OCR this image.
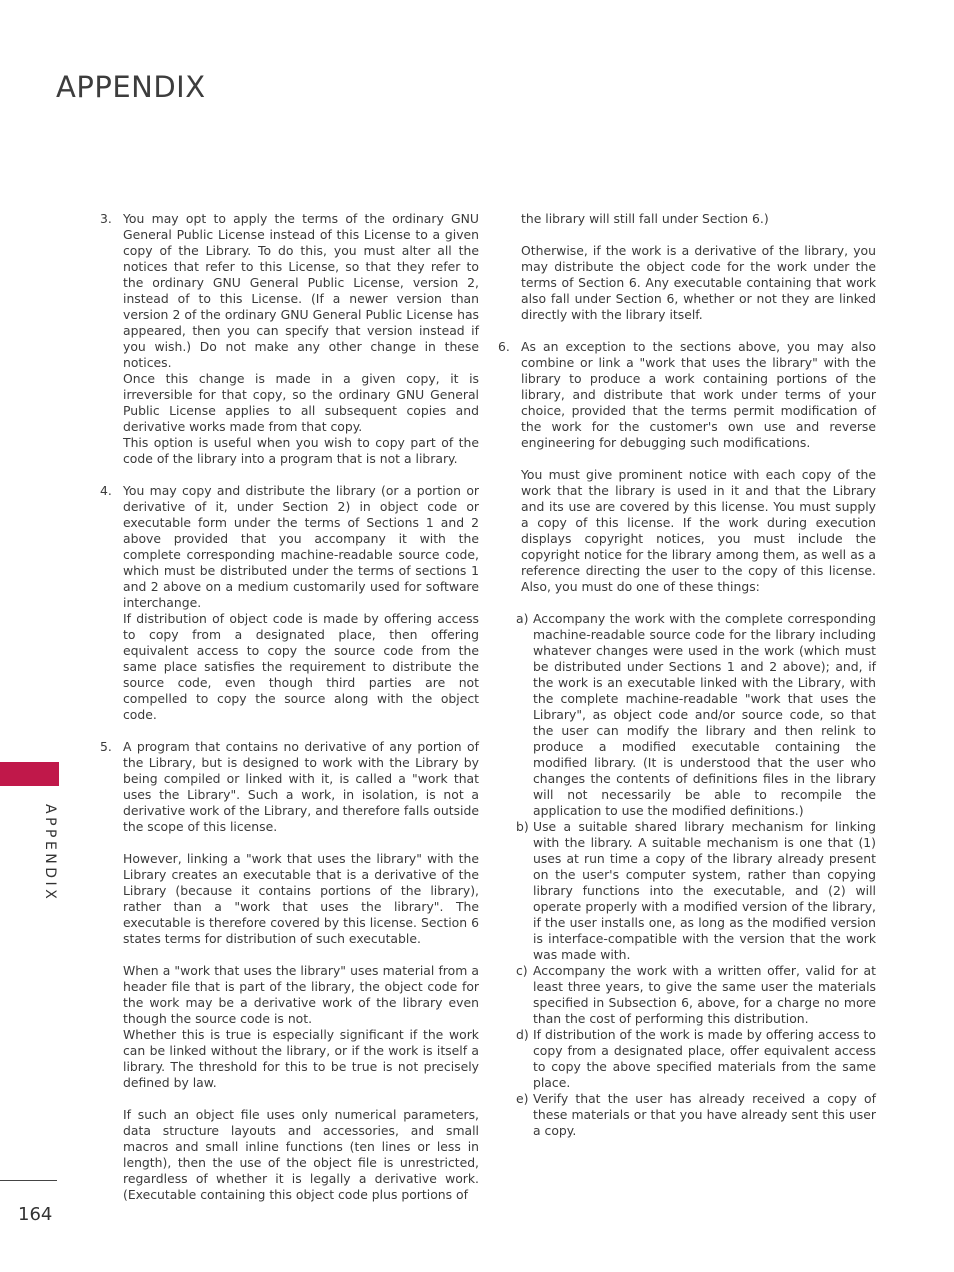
APPENDIX
APPENDIX
164
3. You may opt to apply the terms of the ordinary GNU General Public License instead of this License to a given copy of the Library. To do this, you must alter all the notices that refer to this License, so that they refer to the ordinary GNU General Public License, version 2, instead of to this License. (If a newer version than version 2 of the ordinary GNU General Public License has appeared, then you can specify that version instead if you wish.) Do not make any other change in these notices.

Once this change is made in a given copy, it is irreversible for that copy, so the ordinary GNU General Public License applies to all subsequent copies and derivative works made from that copy.

This option is useful when you wish to copy part of the code of the library into a program that is not a library.

4. You may copy and distribute the library (or a portion or derivative of it, under Section 2) in object code or executable form under the terms of Sections 1 and 2 above provided that you accompany it with the complete corresponding machine-readable source code, which must be distributed under the terms of sections 1 and 2 above on a medium customarily used for software interchange.

If distribution of object code is made by offering access to copy from a designated place, then offering equivalent access to copy the source code from the same place satisfies the requirement to distribute the source code, even though third parties are not compelled to copy the source along with the object code.

5. A program that contains no derivative of any portion of the Library, but is designed to work with the Library by being compiled or linked with it, is called a "work that uses the Library". Such a work, in isolation, is not a derivative work of the Library, and therefore falls outside the scope of this license.

However, linking a "work that uses the library" with the Library creates an executable that is a derivative of the Library (because it contains portions of the library), rather than a "work that uses the library". The executable is therefore covered by this license. Section 6 states terms for distribution of such executable.

When a "work that uses the library" uses material from a header file that is part of the library, the object code for the work may be a derivative work of the library even though the source code is not.

Whether this is true is especially significant if the work can be linked without the library, or if the work is itself a library. The threshold for this to be true is not precisely defined by law.

If such an object file uses only numerical parameters, data structure layouts and accessories, and small macros and small inline functions (ten lines or less in length), then the use of the object file is unrestricted, regardless of whether it is legally a derivative work. (Executable containing this object code plus portions of

the library will still fall under Section 6.)

Otherwise, if the work is a derivative of the library, you may distribute the object code for the work under the terms of Section 6. Any executable containing that work also fall under Section 6, whether or not they are linked directly with the library itself.

6. As an exception to the sections above, you may also combine or link a "work that uses the library" with the library to produce a work containing portions of the library, and distribute that work under terms of your choice, provided that the terms permit modification of the work for the customer's own use and reverse engineering for debugging such modifications.

You must give prominent notice with each copy of the work that the library is used in it and that the Library and its use are covered by this license. You must supply a copy of this license. If the work during execution displays copyright notices, you must include the copyright notice for the library among them, as well as a reference directing the user to the copy of this license. Also, you must do one of these things:

a) Accompany the work with the complete corresponding machine-readable source code for the library including whatever changes were used in the work (which must be distributed under Sections 1 and 2 above); and, if the work is an executable linked with the Library, with the complete machine-readable "work that uses the Library", as object code and/or source code, so that the user can modify the library and then relink to produce a modified executable containing the modified library. (It is understood that the user who changes the contents of definitions files in the library will not necessarily be able to recompile the application to use the modified definitions.)
b) Use a suitable shared library mechanism for linking with the library. A suitable mechanism is one that (1) uses at run time a copy of the library already present on the user's computer system, rather than copying library functions into the executable, and (2) will operate properly with a modified version of the library, if the user installs one, as long as the modified version is interface-compatible with the version that the work was made with.
c) Accompany the work with a written offer, valid for at least three years, to give the same user the materials specified in Subsection 6, above, for a charge no more than the cost of performing this distribution.
d) If distribution of the work is made by offering access to copy from a designated place, offer equivalent access to copy the above specified materials from the same place.
e) Verify that the user has already received a copy of these materials or that you have already sent this user a copy.
